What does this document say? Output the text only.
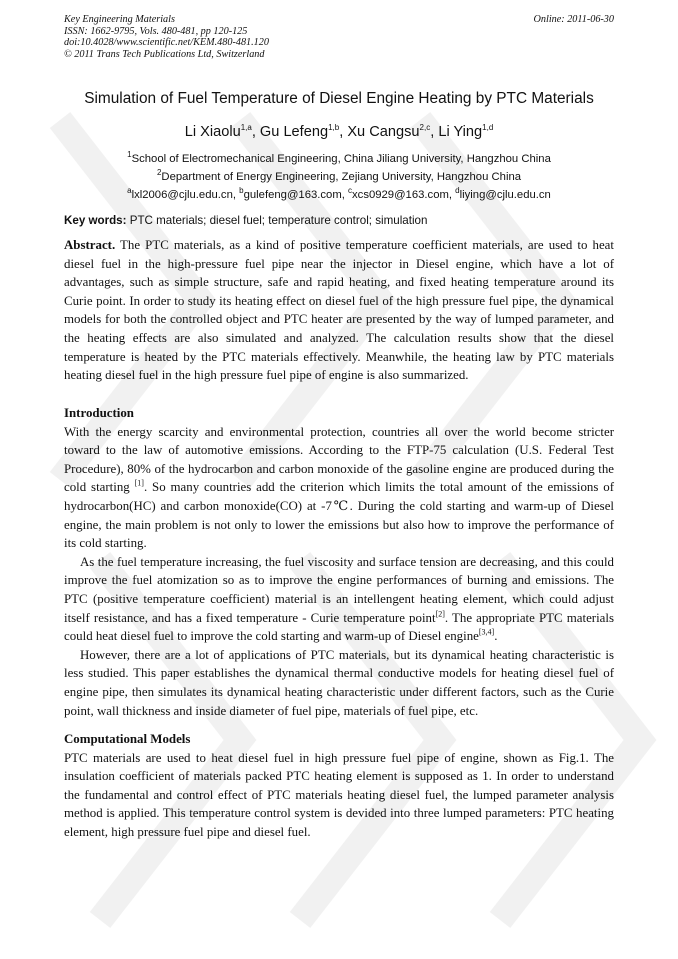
Key Engineering Materials
ISSN: 1662-9795, Vols. 480-481, pp 120-125
doi:10.4028/www.scientific.net/KEM.480-481.120
© 2011 Trans Tech Publications Ltd, Switzerland
Online: 2011-06-30
Simulation of Fuel Temperature of Diesel Engine Heating by PTC Materials
Li Xiaolu$^{1,a}$, Gu Lefeng$^{1,b}$, Xu Cangsu$^{2,c}$, Li Ying$^{1,d}$
$^1$School of Electromechanical Engineering, China Jiliang University, Hangzhou China
$^2$Department of Energy Engineering, Zejiang University, Hangzhou China
$^a$lxl2006@cjlu.edu.cn, $^b$gulefeng@163.com, $^c$xcs0929@163.com, $^d$liying@cjlu.edu.cn
Key words: PTC materials; diesel fuel; temperature control; simulation

Abstract. The PTC materials, as a kind of positive temperature coefficient materials, are used to heat diesel fuel in the high-pressure fuel pipe near the injector in Diesel engine, which have a lot of advantages, such as simple structure, safe and rapid heating, and fixed heating temperature around its Curie point. In order to study its heating effect on diesel fuel of the high pressure fuel pipe, the dynamical models for both the controlled object and PTC heater are presented by the way of lumped parameter, and the heating effects are also simulated and analyzed. The calculation results show that the diesel temperature is heated by the PTC materials effectively. Meanwhile, the heating law by PTC materials heating diesel fuel in the high pressure fuel pipe of engine is also summarized.

Introduction

With the energy scarcity and environmental protection, countries all over the world become stricter toward to the law of automotive emissions. According to the FTP-75 calculation (U.S. Federal Test Procedure), 80% of the hydrocarbon and carbon monoxide of the gasoline engine are produced during the cold starting [1]. So many countries add the criterion which limits the total amount of the emissions of hydrocarbon(HC) and carbon monoxide(CO) at -7℃. During the cold starting and warm-up of Diesel engine, the main problem is not only to lower the emissions but also how to improve the performance of its cold starting.

As the fuel temperature increasing, the fuel viscosity and surface tension are decreasing, and this could improve the fuel atomization so as to improve the engine performances of burning and emissions. The PTC (positive temperature coefficient) material is an intellengent heating element, which could adjust itself resistance, and has a fixed temperature - Curie temperature point[2]. The appropriate PTC materials could heat diesel fuel to improve the cold starting and warm-up of Diesel engine[3,4].

However, there are a lot of applications of PTC materials, but its dynamical heating characteristic is less studied. This paper establishes the dynamical thermal conductive models for heating diesel fuel of engine pipe, then simulates its dynamical heating characteristic under different factors, such as the Curie point, wall thickness and inside diameter of fuel pipe, materials of fuel pipe, etc.

Computational Models

PTC materials are used to heat diesel fuel in high pressure fuel pipe of engine, shown as Fig.1. The insulation coefficient of materials packed PTC heating element is supposed as 1. In order to understand the fundamental and control effect of PTC materials heating diesel fuel, the lumped parameter analysis method is applied. This temperature control system is devided into three lumped parameters: PTC heating element, high pressure fuel pipe and diesel fuel.
